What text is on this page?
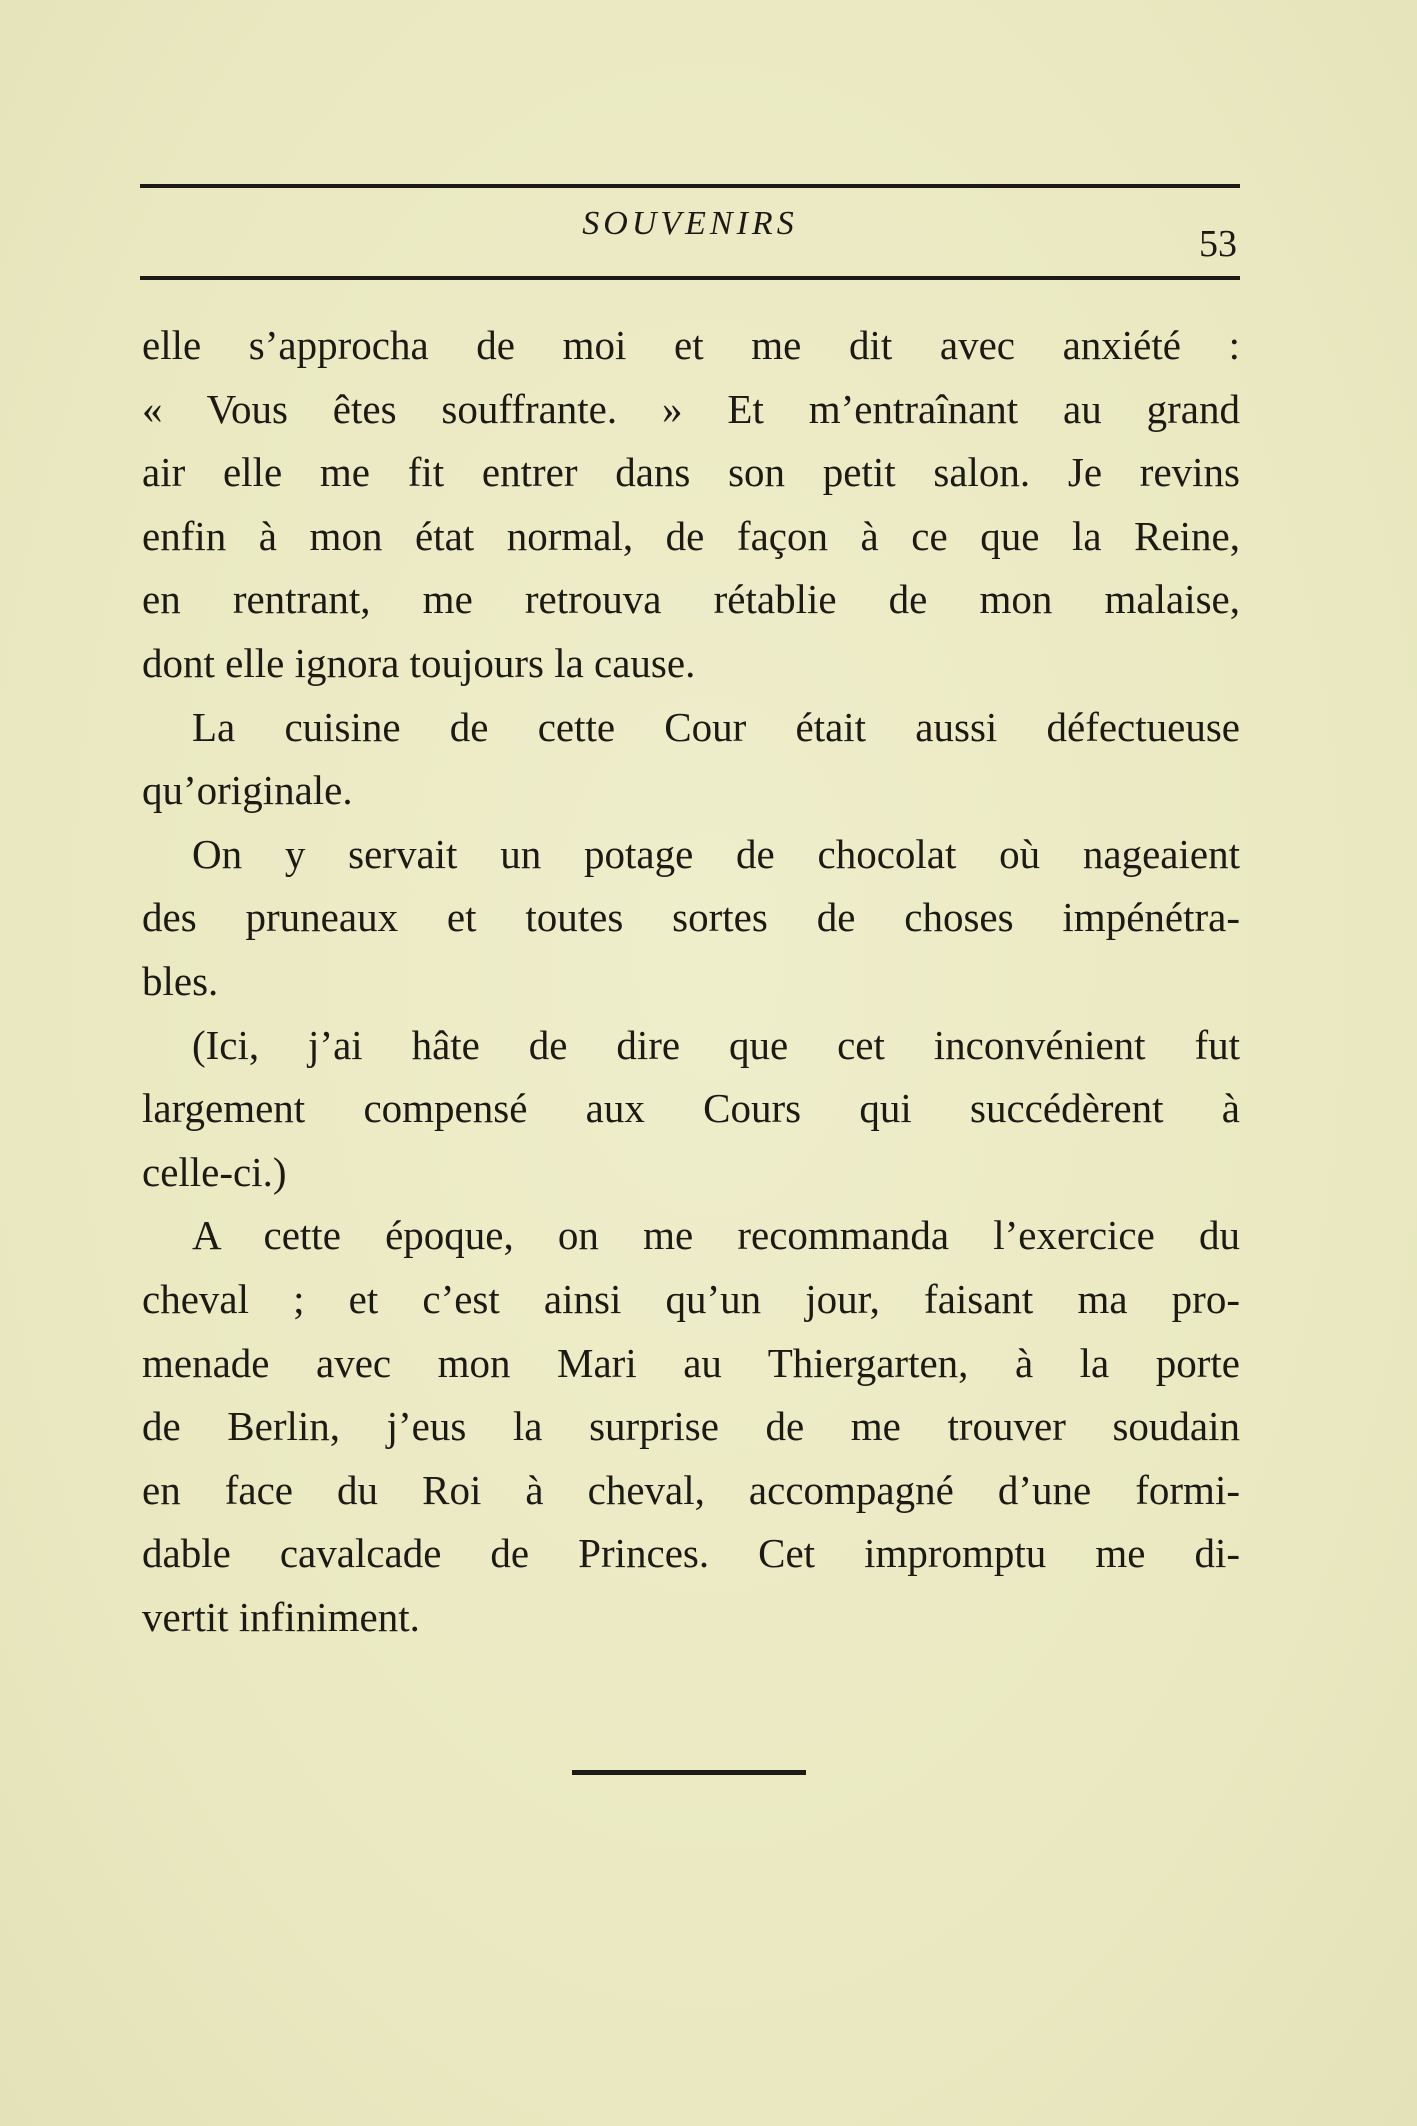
SOUVENIRS	53

elle s’approcha de moi et me dit avec anxiété :
« Vous êtes souffrante. » Et m’entraînant au grand
air elle me fit entrer dans son petit salon. Je revins
enfin à mon état normal, de façon à ce que la Reine,
en rentrant, me retrouva rétablie de mon malaise,
dont elle ignora toujours la cause.

La cuisine de cette Cour était aussi défectueuse
qu’originale.

On y servait un potage de chocolat où nageaient
des pruneaux et toutes sortes de choses impénétra-
bles.

(Ici, j’ai hâte de dire que cet inconvénient fut
largement compensé aux Cours qui succédèrent à
celle-ci.)

A cette époque, on me recommanda l’exercice du
cheval ; et c’est ainsi qu’un jour, faisant ma pro-
menade avec mon Mari au Thiergarten, à la porte
de Berlin, j’eus la surprise de me trouver soudain
en face du Roi à cheval, accompagné d’une formi-
dable cavalcade de Princes. Cet impromptu me di-
vertit infiniment.
